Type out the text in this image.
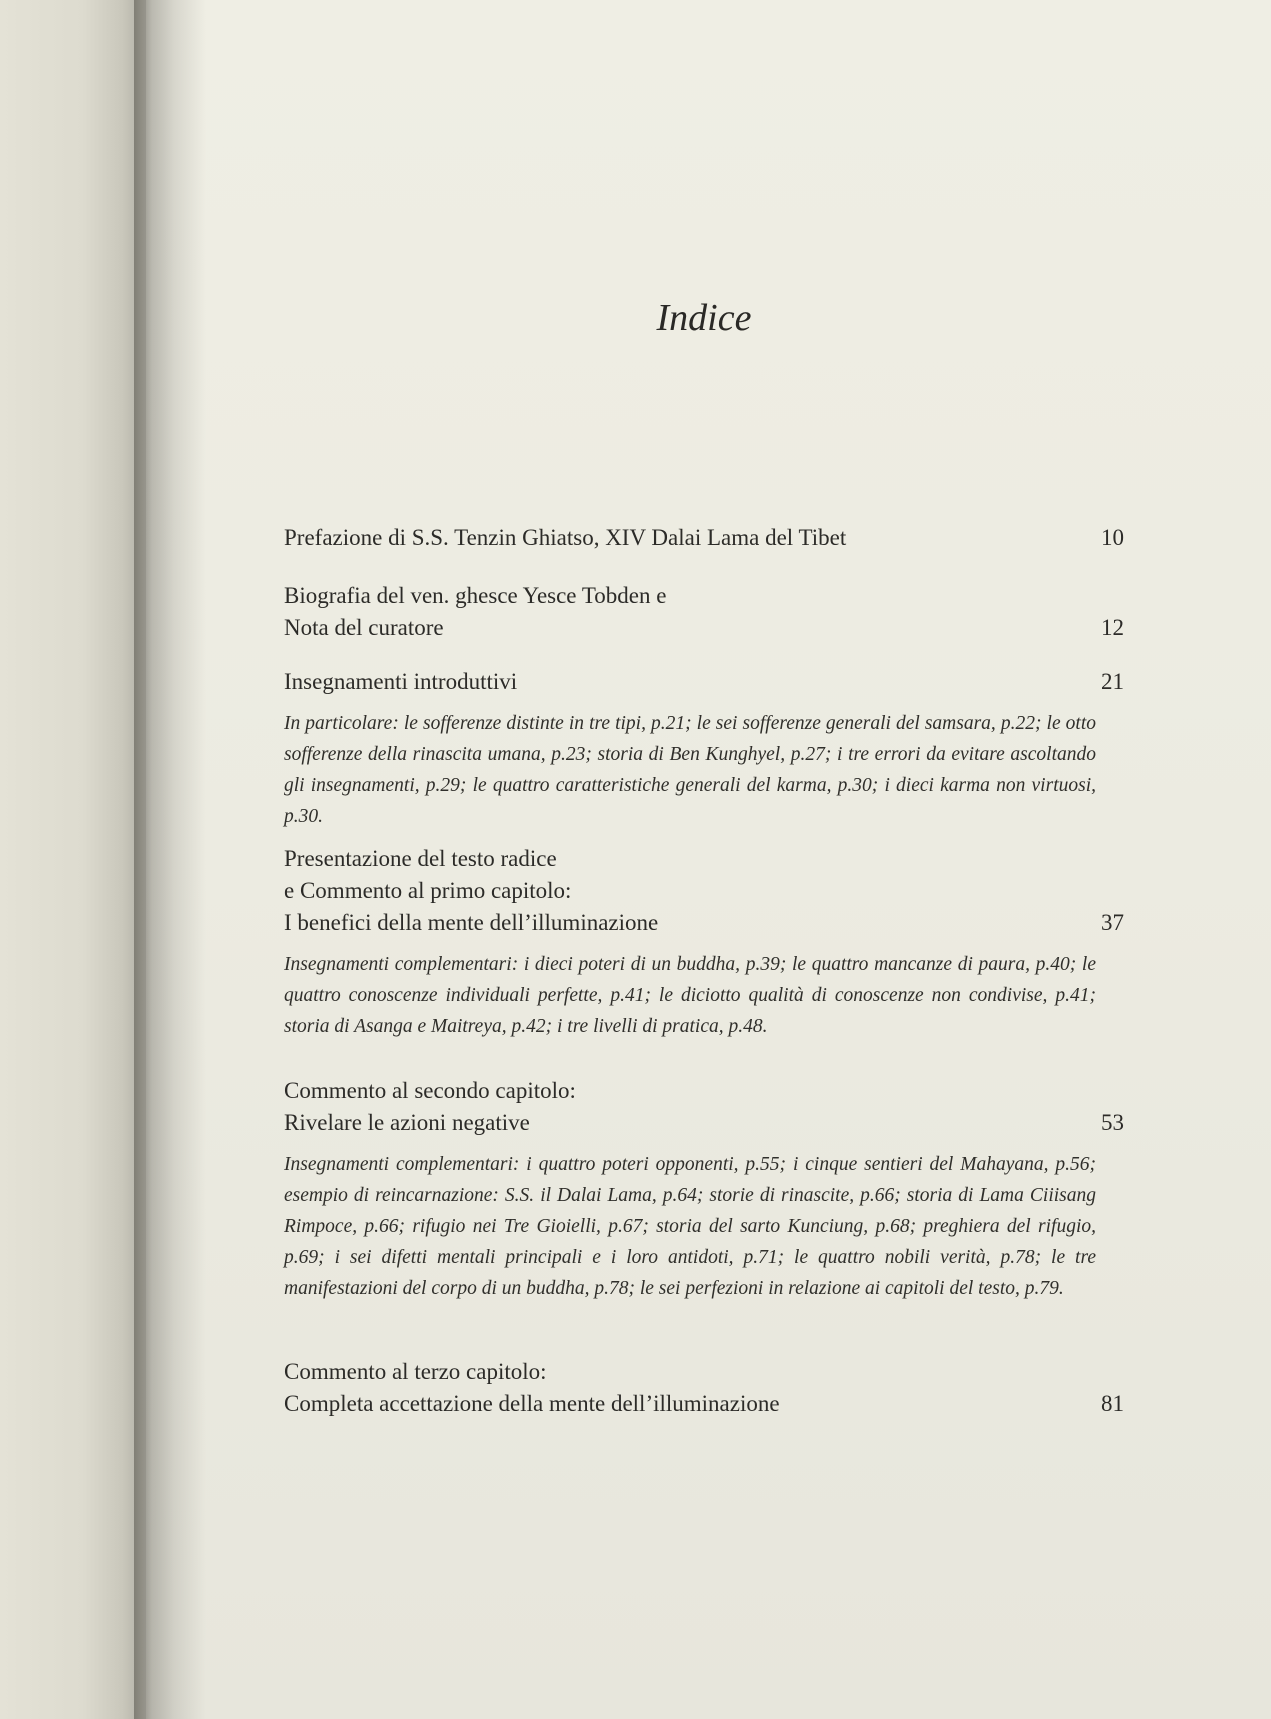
Indice
Prefazione di S.S. Tenzin Ghiatso, XIV Dalai Lama del Tibet	10
Biografia del ven. ghesce Yesce Tobden e
Nota del curatore	12
Insegnamenti introduttivi	21
In particolare: le sofferenze distinte in tre tipi, p.21; le sei sofferenze generali del samsara, p.22; le otto sofferenze della rinascita umana, p.23; storia di Ben Kunghyel, p.27; i tre errori da evitare ascoltando gli insegnamenti, p.29; le quattro caratteristiche generali del karma, p.30; i dieci karma non virtuosi, p.30.
Presentazione del testo radice
e Commento al primo capitolo:
I benefici della mente dell’illuminazione	37
Insegnamenti complementari: i dieci poteri di un buddha, p.39; le quattro mancanze di paura, p.40; le quattro conoscenze individuali perfette, p.41; le diciotto qualità di conoscenze non condivise, p.41; storia di Asanga e Maitreya, p.42; i tre livelli di pratica, p.48.
Commento al secondo capitolo:
Rivelare le azioni negative	53
Insegnamenti complementari: i quattro poteri opponenti, p.55; i cinque sentieri del Mahayana, p.56; esempio di reincarnazione: S.S. il Dalai Lama, p.64; storie di rinascite, p.66; storia di Lama Ciiisang Rimpoce, p.66; rifugio nei Tre Gioielli, p.67; storia del sarto Kunciung, p.68; preghiera del rifugio, p.69; i sei difetti mentali principali e i loro antidoti, p.71; le quattro nobili verità, p.78; le tre manifestazioni del corpo di un buddha, p.78; le sei perfezioni in relazione ai capitoli del testo, p.79.
Commento al terzo capitolo:
Completa accettazione della mente dell’illuminazione	81
